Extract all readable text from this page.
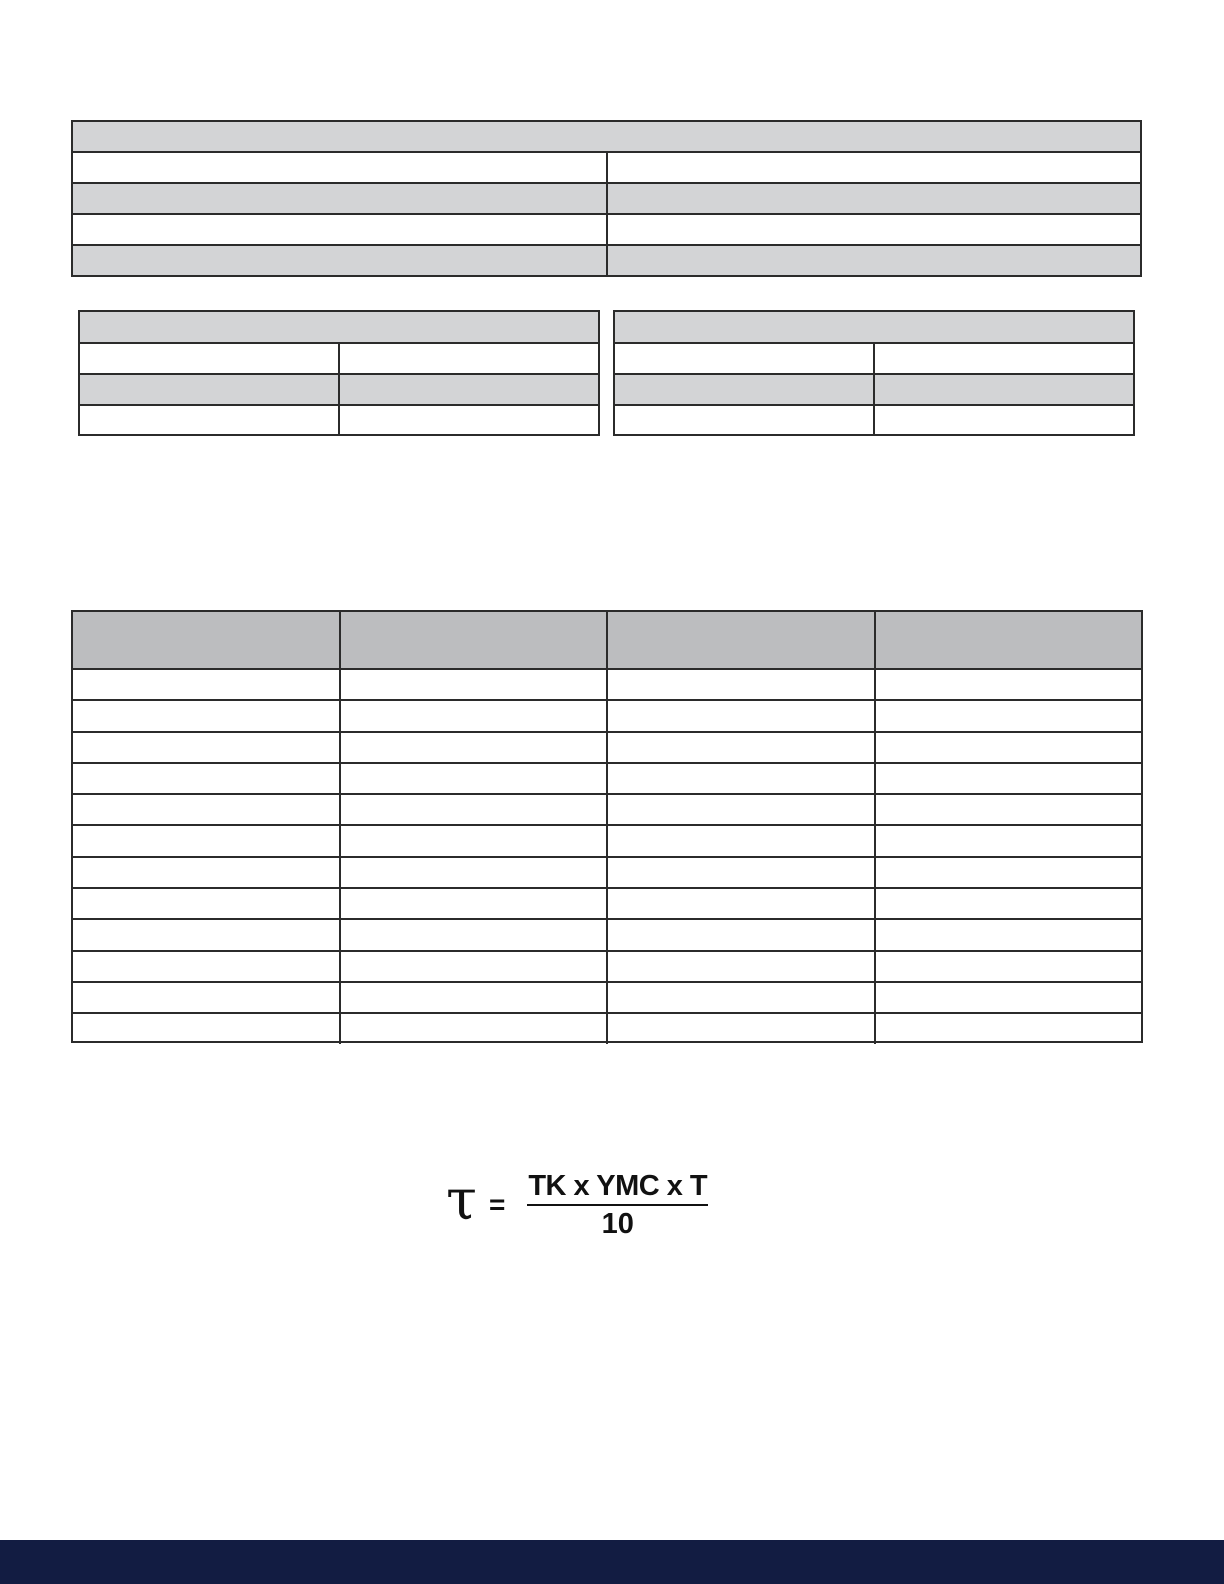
$\tau = \frac{\text{TK x YMC x T}}{10}$
